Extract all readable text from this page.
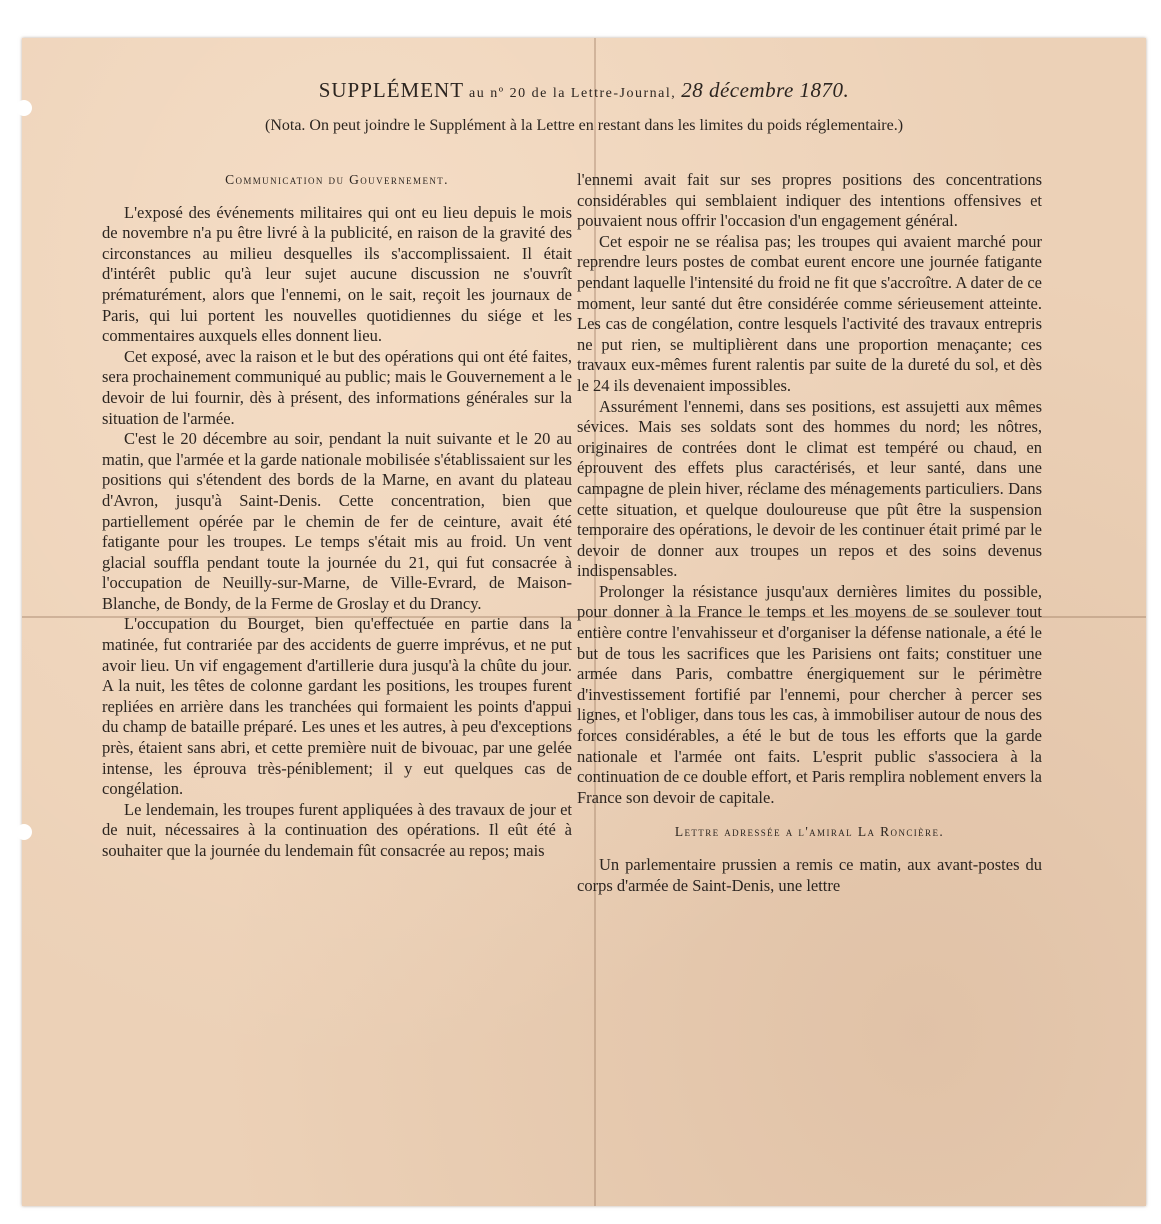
SUPPLÉMENT au nº 20 de la Lettre-Journal, 28 décembre 1870.
(Nota. On peut joindre le Supplément à la Lettre en restant dans les limites du poids réglementaire.)
Communication du Gouvernement.

L'exposé des événements militaires qui ont eu lieu depuis le mois de novembre n'a pu être livré à la publicité, en raison de la gravité des circonstances au milieu desquelles ils s'accomplissaient. Il était d'intérêt public qu'à leur sujet aucune discussion ne s'ouvrît prématurément, alors que l'ennemi, on le sait, reçoit les journaux de Paris, qui lui portent les nouvelles quotidiennes du siége et les commentaires auxquels elles donnent lieu.

Cet exposé, avec la raison et le but des opérations qui ont été faites, sera prochainement communiqué au public; mais le Gouvernement a le devoir de lui fournir, dès à présent, des informations générales sur la situation de l'armée.

C'est le 20 décembre au soir, pendant la nuit suivante et le 20 au matin, que l'armée et la garde nationale mobilisée s'établissaient sur les positions qui s'étendent des bords de la Marne, en avant du plateau d'Avron, jusqu'à Saint-Denis. Cette concentration, bien que partiellement opérée par le chemin de fer de ceinture, avait été fatigante pour les troupes. Le temps s'était mis au froid. Un vent glacial souffla pendant toute la journée du 21, qui fut consacrée à l'occupation de Neuilly-sur-Marne, de Ville-Evrard, de Maison-Blanche, de Bondy, de la Ferme de Groslay et du Drancy.

L'occupation du Bourget, bien qu'effectuée en partie dans la matinée, fut contrariée par des accidents de guerre imprévus, et ne put avoir lieu. Un vif engagement d'artillerie dura jusqu'à la chûte du jour. A la nuit, les têtes de colonne gardant les positions, les troupes furent repliées en arrière dans les tranchées qui formaient les points d'appui du champ de bataille préparé. Les unes et les autres, à peu d'exceptions près, étaient sans abri, et cette première nuit de bivouac, par une gelée intense, les éprouva très-péniblement; il y eut quelques cas de congélation.

Le lendemain, les troupes furent appliquées à des travaux de jour et de nuit, nécessaires à la continuation des opérations. Il eût été à souhaiter que la journée du lendemain fût consacrée au repos; mais

l'ennemi avait fait sur ses propres positions des concentrations considérables qui semblaient indiquer des intentions offensives et pouvaient nous offrir l'occasion d'un engagement général.

Cet espoir ne se réalisa pas; les troupes qui avaient marché pour reprendre leurs postes de combat eurent encore une journée fatigante pendant laquelle l'intensité du froid ne fit que s'accroître. A dater de ce moment, leur santé dut être considérée comme sérieusement atteinte. Les cas de congélation, contre lesquels l'activité des travaux entrepris ne put rien, se multiplièrent dans une proportion menaçante; ces travaux eux-mêmes furent ralentis par suite de la dureté du sol, et dès le 24 ils devenaient impossibles.

Assurément l'ennemi, dans ses positions, est assujetti aux mêmes sévices. Mais ses soldats sont des hommes du nord; les nôtres, originaires de contrées dont le climat est tempéré ou chaud, en éprouvent des effets plus caractérisés, et leur santé, dans une campagne de plein hiver, réclame des ménagements particuliers. Dans cette situation, et quelque douloureuse que pût être la suspension temporaire des opérations, le devoir de les continuer était primé par le devoir de donner aux troupes un repos et des soins devenus indispensables.

Prolonger la résistance jusqu'aux dernières limites du possible, pour donner à la France le temps et les moyens de se soulever tout entière contre l'envahisseur et d'organiser la défense nationale, a été le but de tous les sacrifices que les Parisiens ont faits; constituer une armée dans Paris, combattre énergiquement sur le périmètre d'investissement fortifié par l'ennemi, pour chercher à percer ses lignes, et l'obliger, dans tous les cas, à immobiliser autour de nous des forces considérables, a été le but de tous les efforts que la garde nationale et l'armée ont faits. L'esprit public s'associera à la continuation de ce double effort, et Paris remplira noblement envers la France son devoir de capitale.

Lettre adressée a l'amiral La Roncière.

Un parlementaire prussien a remis ce matin, aux avant-postes du corps d'armée de Saint-Denis, une lettre
